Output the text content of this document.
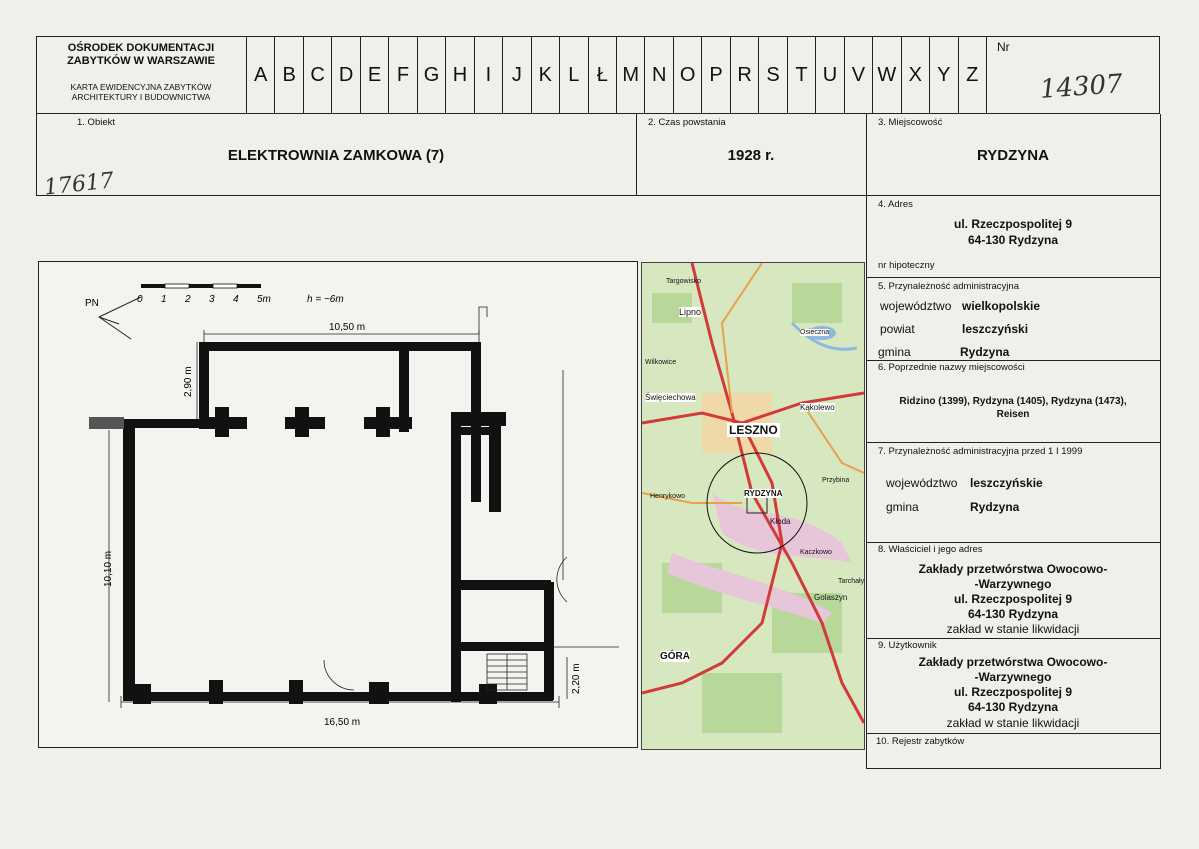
OŚRODEK DOKUMENTACJI
ZABYTKÓW W WARSZAWIE
KARTA EWIDENCYJNA ZABYTKÓW
ARCHITEKTURY I BUDOWNICTWA
A B C D E F G H I	J K L Ł M N O P R S T U V W X Y Z
Nr
14307
1. Obiekt
ELEKTROWNIA ZAMKOWA (7)
2. Czas powstania
1928 r.
3. Miejscowość
RYDZYNA
17617
4. Adres
ul. Rzeczpospolitej 9
64-130 Rydzyna
nr hipoteczny
5. Przynależność administracyjna
województwo wielkopolskie
powiat	leszczyński
gmina	Rydzyna
6. Poprzednie nazwy miejscowości
Ridzino (1399), Rydzyna (1405), Rydzyna (1473),
Reisen
7. Przynależność administracyjna przed 1 I 1999
województwo leszczyńskie
gmina	Rydzyna
8. Właściciel i jego adres
Zakłady przetwórstwa Owocowo-
-Warzywnego
ul. Rzeczpospolitej 9
64-130 Rydzyna
zakład w stanie likwidacji
9. Użytkownik
Zakłady przetwórstwa Owocowo-
-Warzywnego
ul. Rzeczpospolitej 9
64-130 Rydzyna
zakład w stanie likwidacji
10. Rejestr zabytków
PN	0 1 2 3 4 5m	h = ~6m
10,50 m
2,90 m
10,10 m
16,50 m
2,20 m
LESZNO
RYDZYNA
GÓRA
Święciechowa
Lipno
Osieczna
Kąkolewo
Golaszyn
Targowisko
Wilkowice
Przybina
Kaczkowo
Henrykowo
Kłoda
Tarchały
